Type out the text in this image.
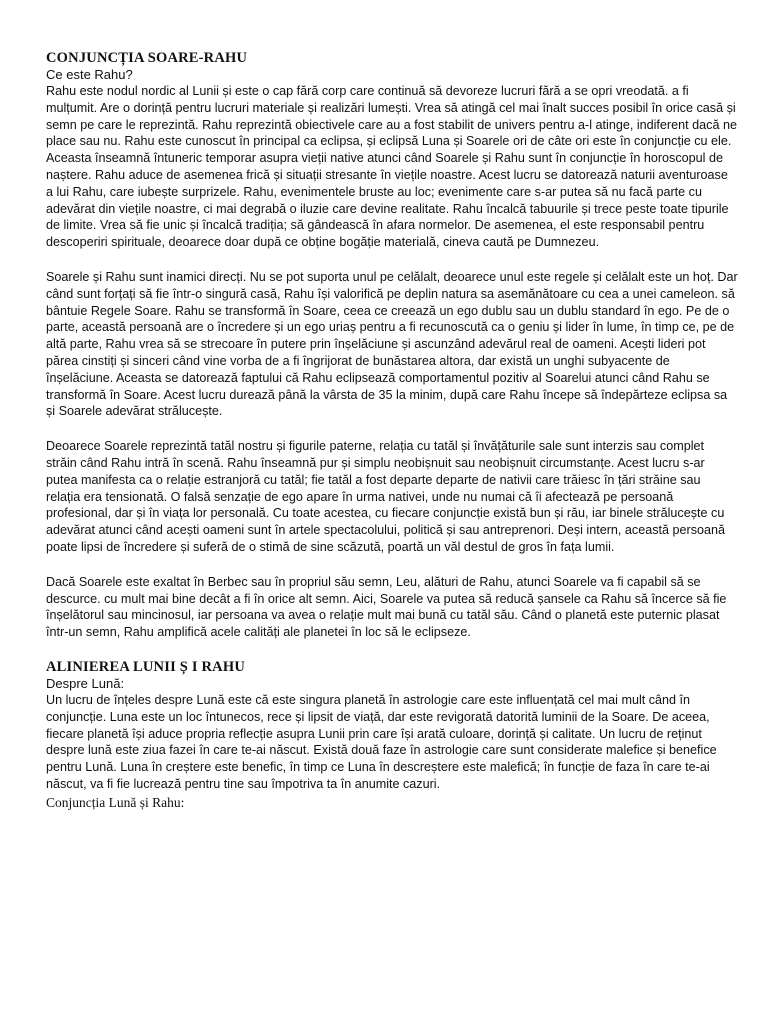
CONJUNCȚIA SOARE-RAHU
Ce este Rahu?

Rahu este nodul nordic al Lunii și este o cap fără corp care continuă să devoreze lucruri fără a se opri vreodată. a fi mulțumit. Are o dorință pentru lucruri materiale și realizări lumești. Vrea să atingă cel mai înalt succes posibil în orice casă și semn pe care le reprezintă. Rahu reprezintă obiectivele care au a fost stabilit de univers pentru a-l atinge, indiferent dacă ne place sau nu. Rahu este cunoscut în principal ca eclipsa, și eclipsă Luna și Soarele ori de câte ori este în conjuncție cu ele. Aceasta înseamnă întuneric temporar asupra vieții native atunci când Soarele și Rahu sunt în conjuncție în horoscopul de naștere. Rahu aduce de asemenea frică și situații stresante în viețile noastre. Acest lucru se datorează naturii aventuroase a lui Rahu, care iubește surprizele. Rahu, evenimentele bruste au loc; evenimente care s-ar putea să nu facă parte cu adevărat din viețile noastre, ci mai degrabă o iluzie care devine realitate. Rahu încalcă tabuurile și trece peste toate tipurile de limite. Vrea să fie unic și încalcă tradiția; să gândească în afara normelor. De asemenea, el este responsabil pentru descoperiri spirituale, deoarece doar după ce obține bogăție materială, cineva caută pe Dumnezeu.

Soarele și Rahu sunt inamici direcți. Nu se pot suporta unul pe celălalt, deoarece unul este regele și celălalt este un hoț. Dar când sunt forțați să fie într-o singură casă, Rahu își valorifică pe deplin natura sa asemănătoare cu cea a unei cameleon. să bântuie Regele Soare. Rahu se transformă în Soare, ceea ce creează un ego dublu sau un dublu standard în ego. Pe de o parte, această persoană are o încredere și un ego uriaș pentru a fi recunoscută ca o geniu și lider în lume, în timp ce, pe de altă parte, Rahu vrea să se strecoare în putere prin înșelăciune și ascunzând adevărul real de oameni. Acești lideri pot părea cinstiți și sinceri când vine vorba de a fi îngrijorat de bunăstarea altora, dar există un unghi subyacente de înșelăciune. Aceasta se datorează faptului că Rahu eclipsează comportamentul pozitiv al Soarelui atunci când Rahu se transformă în Soare. Acest lucru durează până la vârsta de 35 la minim, după care Rahu începe să îndepărteze eclipsa sa și Soarele adevărat strălucește.

Deoarece Soarele reprezintă tatăl nostru și figurile paterne, relația cu tatăl și învățăturile sale sunt interzis sau complet străin când Rahu intră în scenă. Rahu înseamnă pur și simplu neobișnuit sau neobișnuit circumstanțe. Acest lucru s-ar putea manifesta ca o relație estranjoră cu tatăl; fie tatăl a fost departe departe de nativii care trăiesc în țări străine sau relația era tensionată. O falsă senzație de ego apare în urma nativei, unde nu numai că îi afectează pe persoană profesional, dar și în viața lor personală. Cu toate acestea, cu fiecare conjuncție există bun și rău, iar binele strălucește cu adevărat atunci când acești oameni sunt în artele spectacolului, politică și sau antreprenori. Deși intern, această persoană poate lipsi de încredere și suferă de o stimă de sine scăzută, poartă un văl destul de gros în fața lumii.

Dacă Soarele este exaltat în Berbec sau în propriul său semn, Leu, alături de Rahu, atunci Soarele va fi capabil să se descurce. cu mult mai bine decât a fi în orice alt semn. Aici, Soarele va putea să reducă șansele ca Rahu să încerce să fie înșelătorul sau mincinosul, iar persoana va avea o relație mult mai bună cu tatăl său. Când o planetă este puternic plasat într-un semn, Rahu amplifică acele calități ale planetei în loc să le eclipseze.

ALINIEREA LUNII Ș I RAHU
Despre Lună:

Un lucru de înțeles despre Lună este că este singura planetă în astrologie care este influențată cel mai mult când în conjuncție. Luna este un loc întunecos, rece și lipsit de viață, dar este revigorată datorită luminii de la Soare. De aceea, fiecare planetă își aduce propria reflecție asupra Lunii prin care își arată culoare, dorință și calitate. Un lucru de reținut despre lună este ziua fazei în care te-ai născut. Există două faze în astrologie care sunt considerate malefice și benefice pentru Lună. Luna în creștere este benefic, în timp ce Luna în descreștere este malefică; în funcție de faza în care te-ai născut, va fi fie lucrează pentru tine sau împotriva ta în anumite cazuri.

Conjuncția Lună și Rahu:
